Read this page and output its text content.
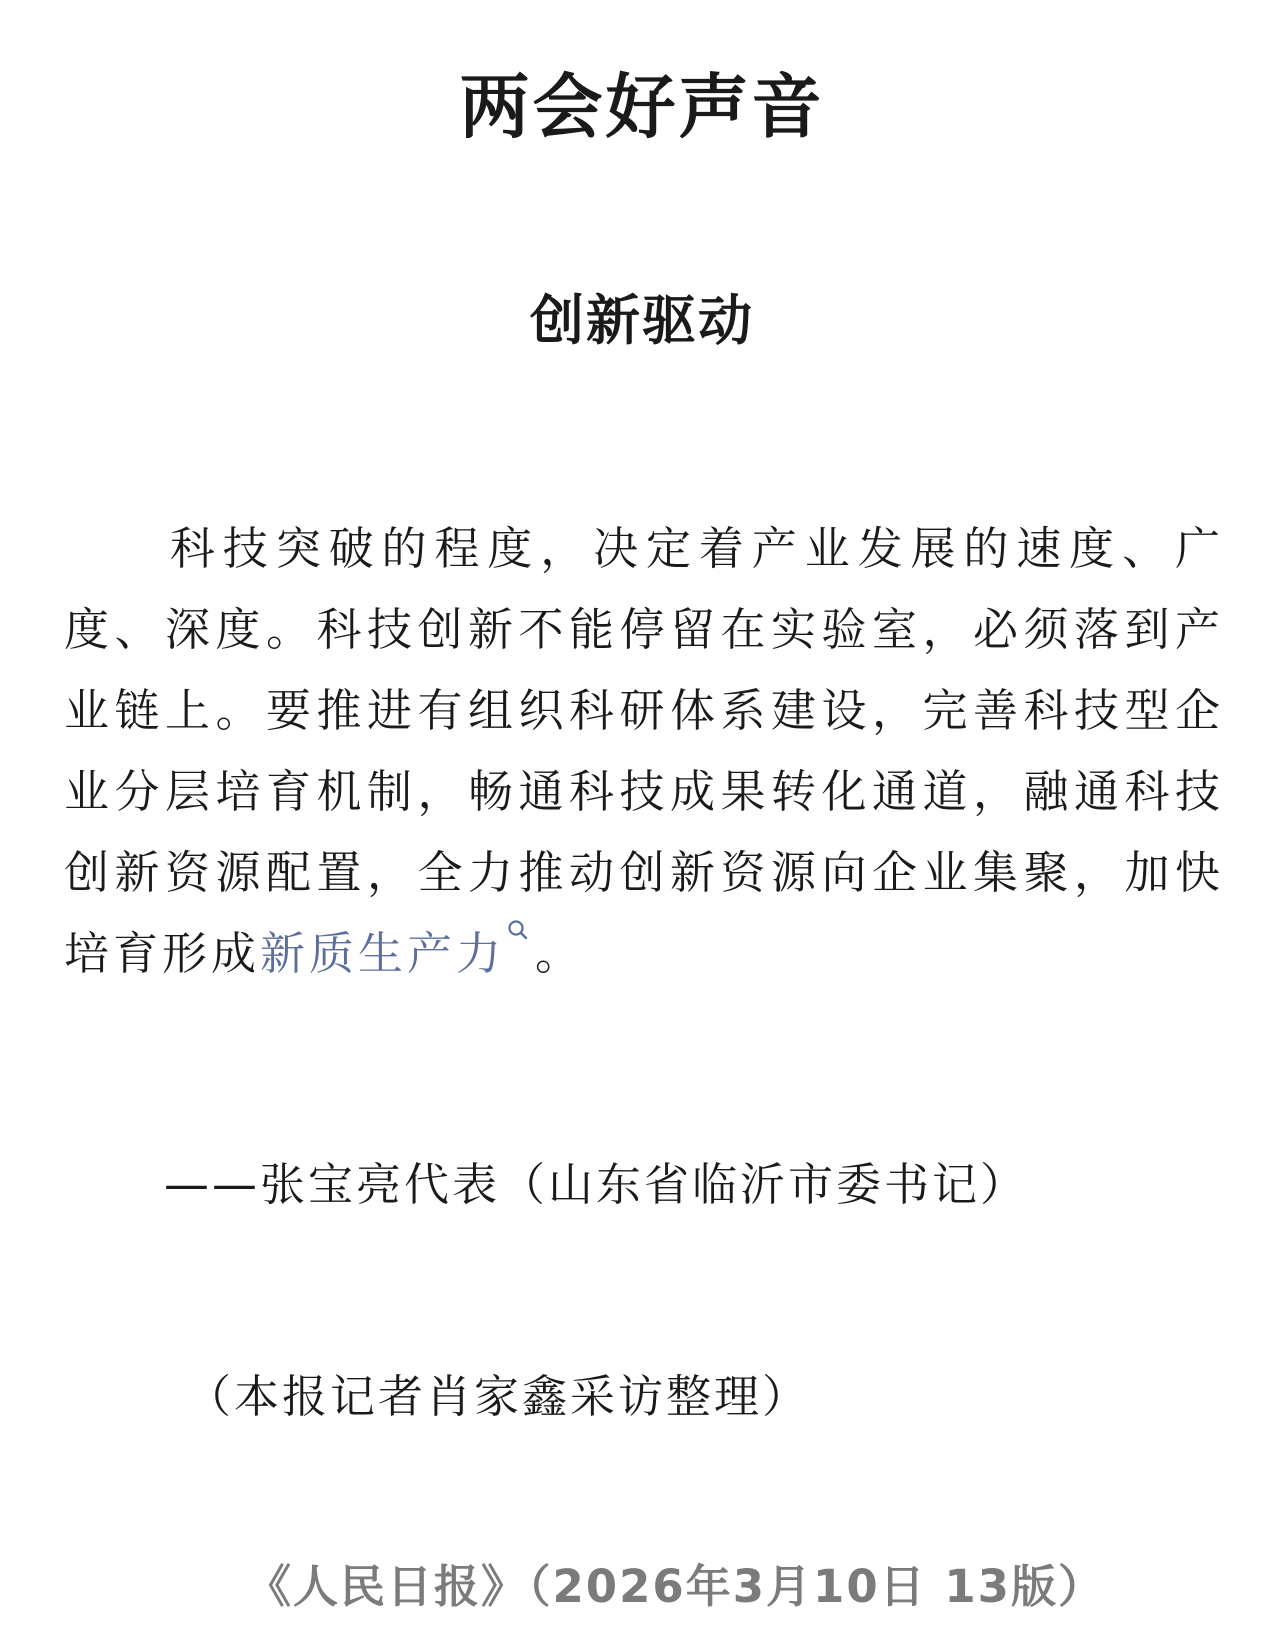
两会好声音
创新驱动
科技突破的程度，决定着产业发展的速度、广度、深度。科技创新不能停留在实验室，必须落到产业链上。要推进有组织科研体系建设，完善科技型企业分层培育机制，畅通科技成果转化通道，融通科技创新资源配置，全力推动创新资源向企业集聚，加快培育形成新质生产力 。
——张宝亮代表（山东省临沂市委书记）
（本报记者肖家鑫采访整理）
《人民日报》（2026年3月10日 13版）
